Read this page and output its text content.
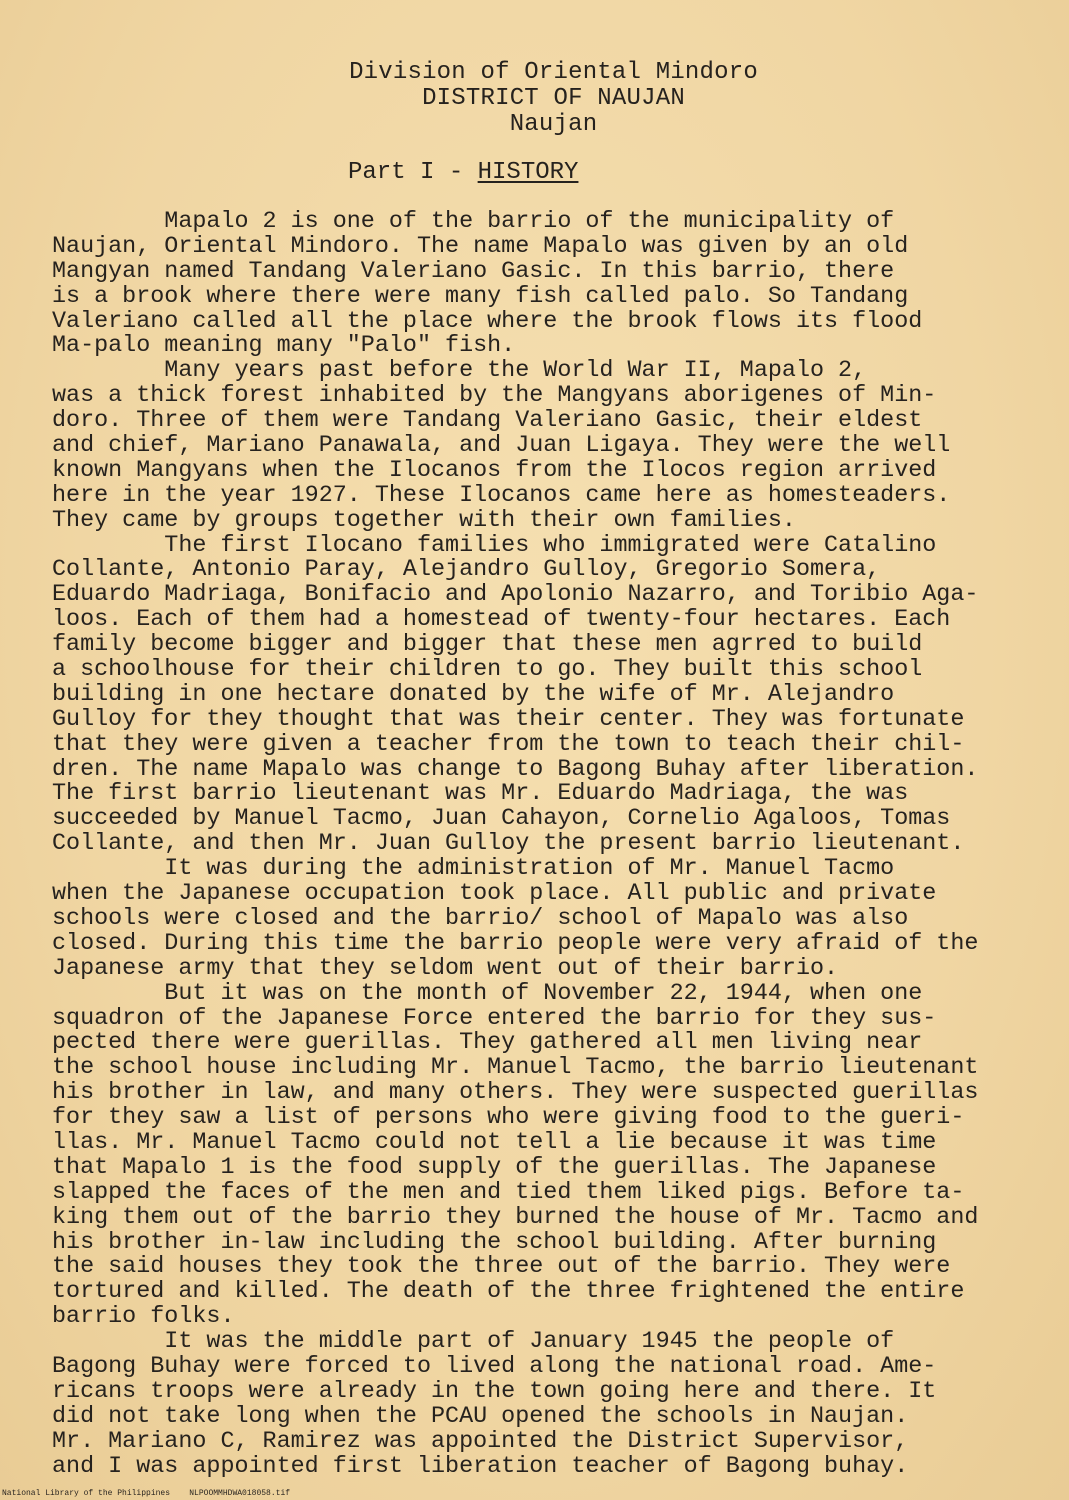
Division of Oriental Mindoro
DISTRICT OF NAUJAN
Naujan
Part I - HISTORY
Mapalo 2 is one of the barrio of the municipality of
Naujan, Oriental Mindoro. The name Mapalo was given by an old
Mangyan named Tandang Valeriano Gasic. In this barrio, there
is a brook where there were many fish called palo. So Tandang
Valeriano called all the place where the brook flows its flood
Ma-palo meaning many "Palo" fish.
Many years past before the World War II, Mapalo 2,
was a thick forest inhabited by the Mangyans aborigenes of Min-
doro. Three of them were Tandang Valeriano Gasic, their eldest
and chief, Mariano Panawala, and Juan Ligaya. They were the well
known Mangyans when the Ilocanos from the Ilocos region arrived
here in the year 1927. These Ilocanos came here as homesteaders.
They came by groups together with their own families.
The first Ilocano families who immigrated were Catalino
Collante, Antonio Paray, Alejandro Gulloy, Gregorio Somera,
Eduardo Madriaga, Bonifacio and Apolonio Nazarro, and Toribio Aga-
loos. Each of them had a homestead of twenty-four hectares. Each
family become bigger and bigger that these men agrred to build
a schoolhouse for their children to go. They built this school
building in one hectare donated by the wife of Mr. Alejandro
Gulloy for they thought that was their center. They was fortunate
that they were given a teacher from the town to teach their chil-
dren. The name Mapalo was change to Bagong Buhay after liberation.
The first barrio lieutenant was Mr. Eduardo Madriaga, the was
succeeded by Manuel Tacmo, Juan Cahayon, Cornelio Agaloos, Tomas
Collante, and then Mr. Juan Gulloy the present barrio lieutenant.
It was during the administration of Mr. Manuel Tacmo
when the Japanese occupation took place. All public and private
schools were closed and the barrio/ school of Mapalo was also
closed. During this time the barrio people were very afraid of the
Japanese army that they seldom went out of their barrio.
But it was on the month of November 22, 1944, when one
squadron of the Japanese Force entered the barrio for they sus-
pected there were guerillas. They gathered all men living near
the school house including Mr. Manuel Tacmo, the barrio lieutenant
his brother in law, and many others. They were suspected guerillas
for they saw a list of persons who were giving food to the gueri-
llas. Mr. Manuel Tacmo could not tell a lie because it was time
that Mapalo 1 is the food supply of the guerillas. The Japanese
slapped the faces of the men and tied them liked pigs. Before ta-
king them out of the barrio they burned the house of Mr. Tacmo and
his brother in-law including the school building. After burning
the said houses they took the three out of the barrio. They were
tortured and killed. The death of the three frightened the entire
barrio folks.
It was the middle part of January 1945 the people of
Bagong Buhay were forced to lived along the national road. Ame-
ricans troops were already in the town going here and there. It
did not take long when the PCAU opened the schools in Naujan.
Mr. Mariano C, Ramirez was appointed the District Supervisor,
and I was appointed first liberation teacher of Bagong buhay.
National Library of the Philippines NLPOOMMHDWA018058.tif
